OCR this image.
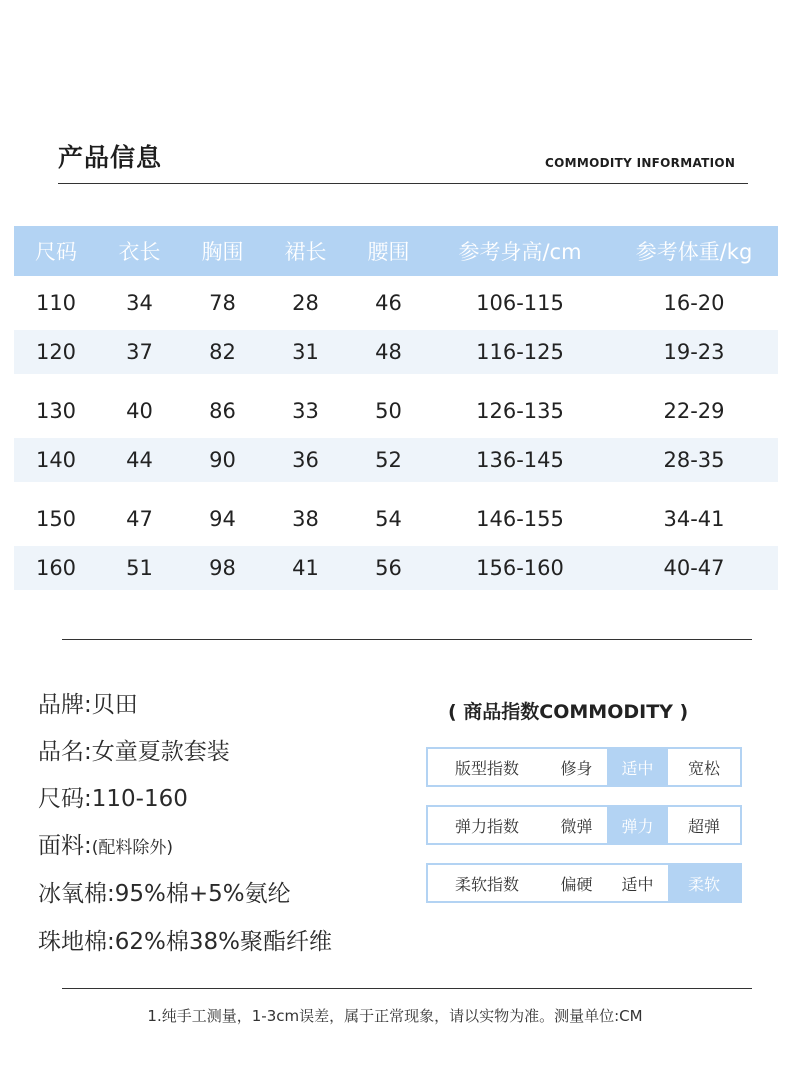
产品信息	COMMODITY INFORMATION
尺码	衣长	胸围	裙长	腰围	参考身高/cm	参考体重/kg
110	34	78	28	46	106-115	16-20
120	37	82	31	48	116-125	19-23

130	40	86	33	50	126-135	22-29
140	44	90	36	52	136-145	28-35

150	47	94	38	54	146-155	34-41
160	51	98	41	56	156-160	40-47
品牌:贝田
品名:女童夏款套装
尺码:110-160
面料:(配料除外)
冰氧棉:95%棉+5%氨纶
珠地棉:62%棉38%聚酯纤维
( 商品指数COMMODITY )
版型指数	修身	适中	宽松
弹力指数	微弹	弹力	超弹
柔软指数	偏硬	适中	柔软
1.纯手工测量，1-3cm误差，属于正常现象，请以实物为准。测量单位:CM
